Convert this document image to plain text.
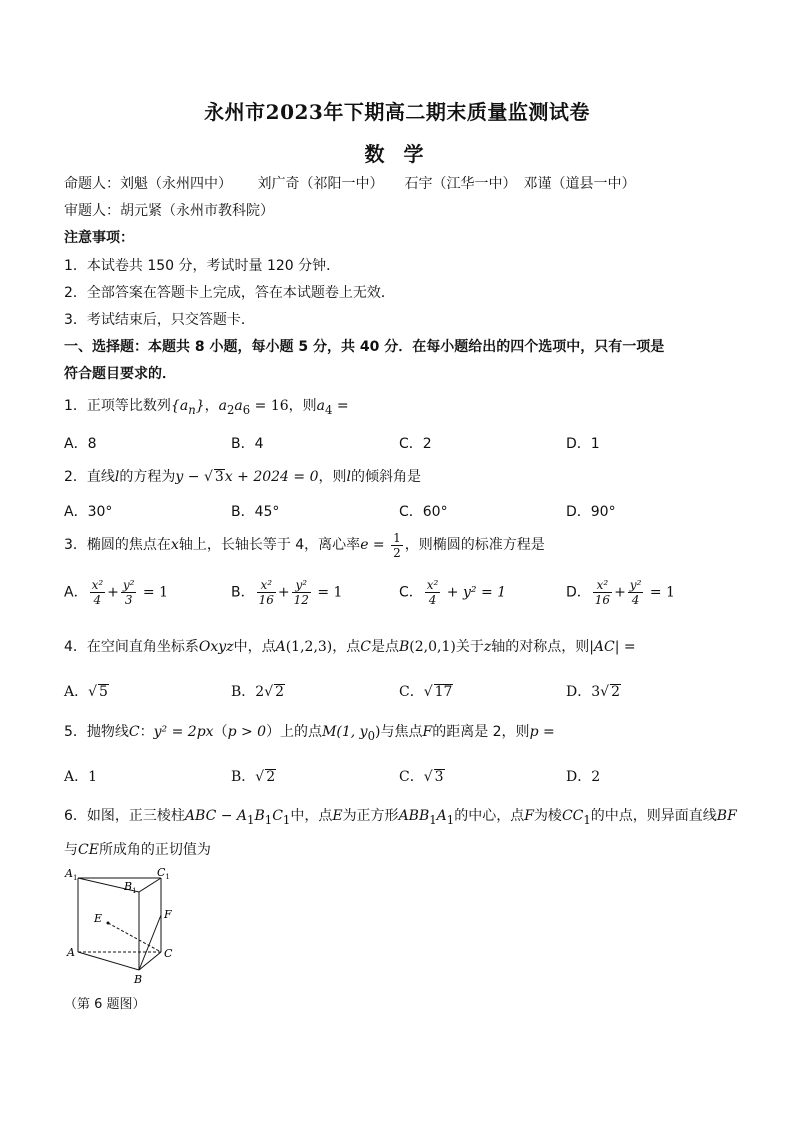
永州市2023年下期高二期末质量监测试卷
数 学
命题人：刘魁（永州四中）　　 刘广奇（祁阳一中）　　石宇（江华一中）　邓谨（道县一中）
审题人：胡元紧（永州市教科院）
注意事项：
1．本试卷共 150 分，考试时量 120 分钟．
2．全部答案在答题卡上完成，答在本试题卷上无效．
3．考试结束后，只交答题卡．
一、选择题：本题共 8 小题，每小题 5 分，共 40 分．在每小题给出的四个选项中，只有一项是
符合题目要求的．
1．正项等比数列$\{a_n\}$，$a_2a_6 = 16$，则$a_4$ =
A．8	B．4	C．2	D．1
2．直线l的方程为y − √ 3x + 2024 = 0，则l的倾斜角是
A．30°	B．45°	C．60°	D．90°
3．椭圆的焦点在x轴上，长轴长等于 4，离心率$e = \frac{1}{2}$ ，则椭圆的标准方程是
A． $\frac{\text{x²}}{4} + \frac{\text{y²}}{3} = 1$	B． $\frac{\text{x²}}{16} + \frac{\text{y²}}{12} = 1$	C． $\frac{\text{x²}}{4} + y^2 = 1$	D． $\frac{\text{x²}}{16} + \frac{\text{y²}}{4} = 1$
4．在空间直角坐标系Oxyz中，点A(1,2,3)，点C是点B(2,0,1)关于z轴的对称点，则|AC| =
A．√ 5	B．2√ 2	C．√ 17	D．3√ 2
5．抛物线C：y² = 2px（p > 0）上的点M(1, $y_0$)与焦点F的距离是 2，则p =
A．1	B．√ 2	C．√ 3	D．2
6．如图，正三棱柱ABC − $A_1B_1C_1$中，点E为正方形$ABB_1A_1$的中心，点F为棱$CC_1$的中点，则异面直线BF
与CE所成角的正切值为
$A_1$
$B_1$
$C_1$
E	F
A	C
B
（第 6 题图）
